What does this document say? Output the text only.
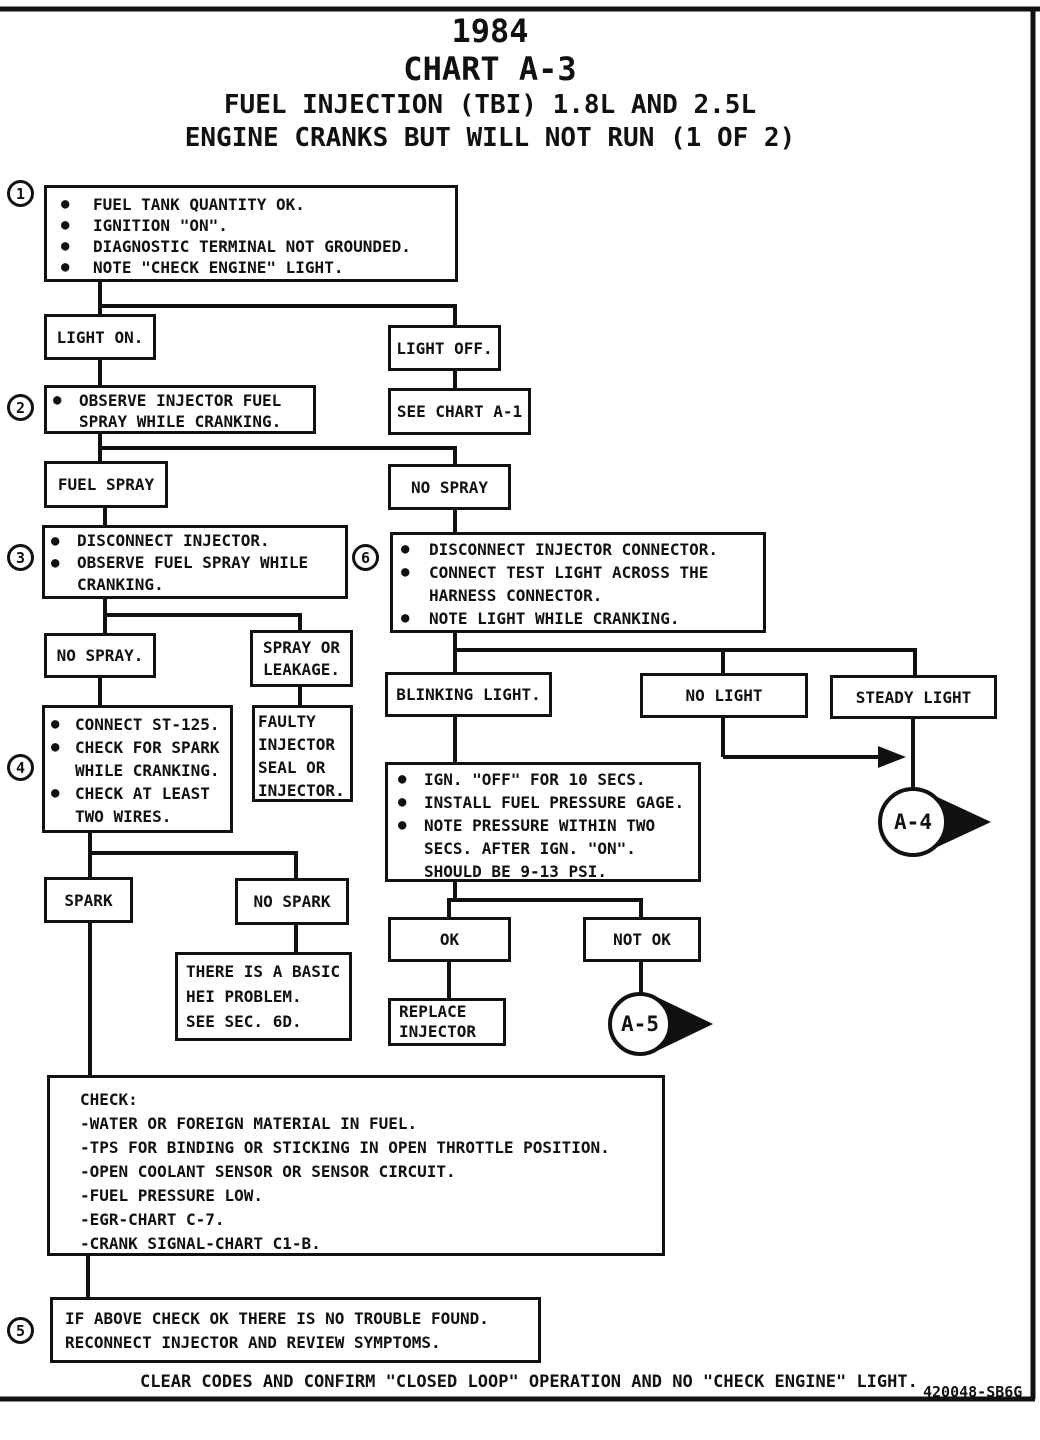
1984
CHART A-3
FUEL INJECTION (TBI) 1.8L AND 2.5L
ENGINE CRANKS BUT WILL NOT RUN (1 OF 2)
1
2
3	6
4
5
●	FUEL TANK QUANTITY OK.
●	IGNITION "ON".
●	DIAGNOSTIC TERMINAL NOT GROUNDED.
●	NOTE "CHECK ENGINE" LIGHT.
LIGHT ON.
LIGHT OFF.
●	OBSERVE INJECTOR FUEL SPRAY WHILE CRANKING.
SEE CHART A-1
FUEL SPRAY	NO SPRAY
●	DISCONNECT INJECTOR.
●	OBSERVE FUEL SPRAY WHILE CRANKING.
●	DISCONNECT INJECTOR CONNECTOR.
●	CONNECT TEST LIGHT ACROSS THE HARNESS CONNECTOR.
●	NOTE LIGHT WHILE CRANKING.
NO SPRAY.	SPRAY OR
LEAKAGE.
● CONNECT ST-125.
● CHECK FOR SPARK WHILE CRANKING.
● CHECK AT LEAST TWO WIRES.
FAULTY INJECTOR SEAL OR INJECTOR.
BLINKING LIGHT.	NO LIGHT	STEADY LIGHT
●	IGN. "OFF" FOR 10 SECS.
●	INSTALL FUEL PRESSURE GAGE.
●	NOTE PRESSURE WITHIN TWO SECS. AFTER IGN. "ON". SHOULD BE 9-13 PSI.
OK	NOT OK
REPLACE INJECTOR
SPARK	NO SPARK
THERE IS A BASIC HEI PROBLEM.
SEE SEC. 6D.
CHECK:
-WATER OR FOREIGN MATERIAL IN FUEL.
-TPS FOR BINDING OR STICKING IN OPEN THROTTLE POSITION.
-OPEN COOLANT SENSOR OR SENSOR CIRCUIT.
-FUEL PRESSURE LOW.
-EGR-CHART C-7.
-CRANK SIGNAL-CHART C1-B.
IF ABOVE CHECK OK THERE IS NO TROUBLE FOUND. RECONNECT INJECTOR AND REVIEW SYMPTOMS.
A-4
A-5
CLEAR CODES AND CONFIRM "CLOSED LOOP" OPERATION AND NO "CHECK ENGINE" LIGHT. 420048-SB6G
